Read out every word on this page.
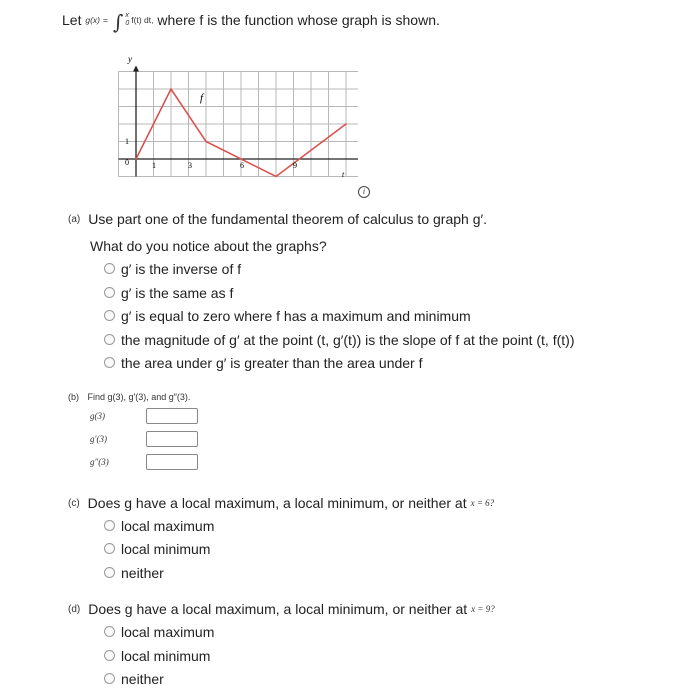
Let
g(x) = ∫ x
0 f(t) dt,
where f is the function whose graph is shown.
y
t
f
0
1
1	3	6	9
i
(a) Use part one of the fundamental theorem of calculus to graph g′.
What do you notice about the graphs?
g′ is the inverse of f
g′ is the same as f
g′ is equal to zero where f has a maximum and minimum
the magnitude of g′ at the point (t, g′(t)) is the slope of f at the point (t, f(t))
the area under g′ is greater than the area under f
(b) Find g(3), g′(3), and g″(3).
g(3)
g′(3)
g″(3)
(c) Does g have a local maximum, a local minimum, or neither at x = 6?
local maximum
local minimum
neither
(d) Does g have a local maximum, a local minimum, or neither at x = 9?
local maximum
local minimum
neither
